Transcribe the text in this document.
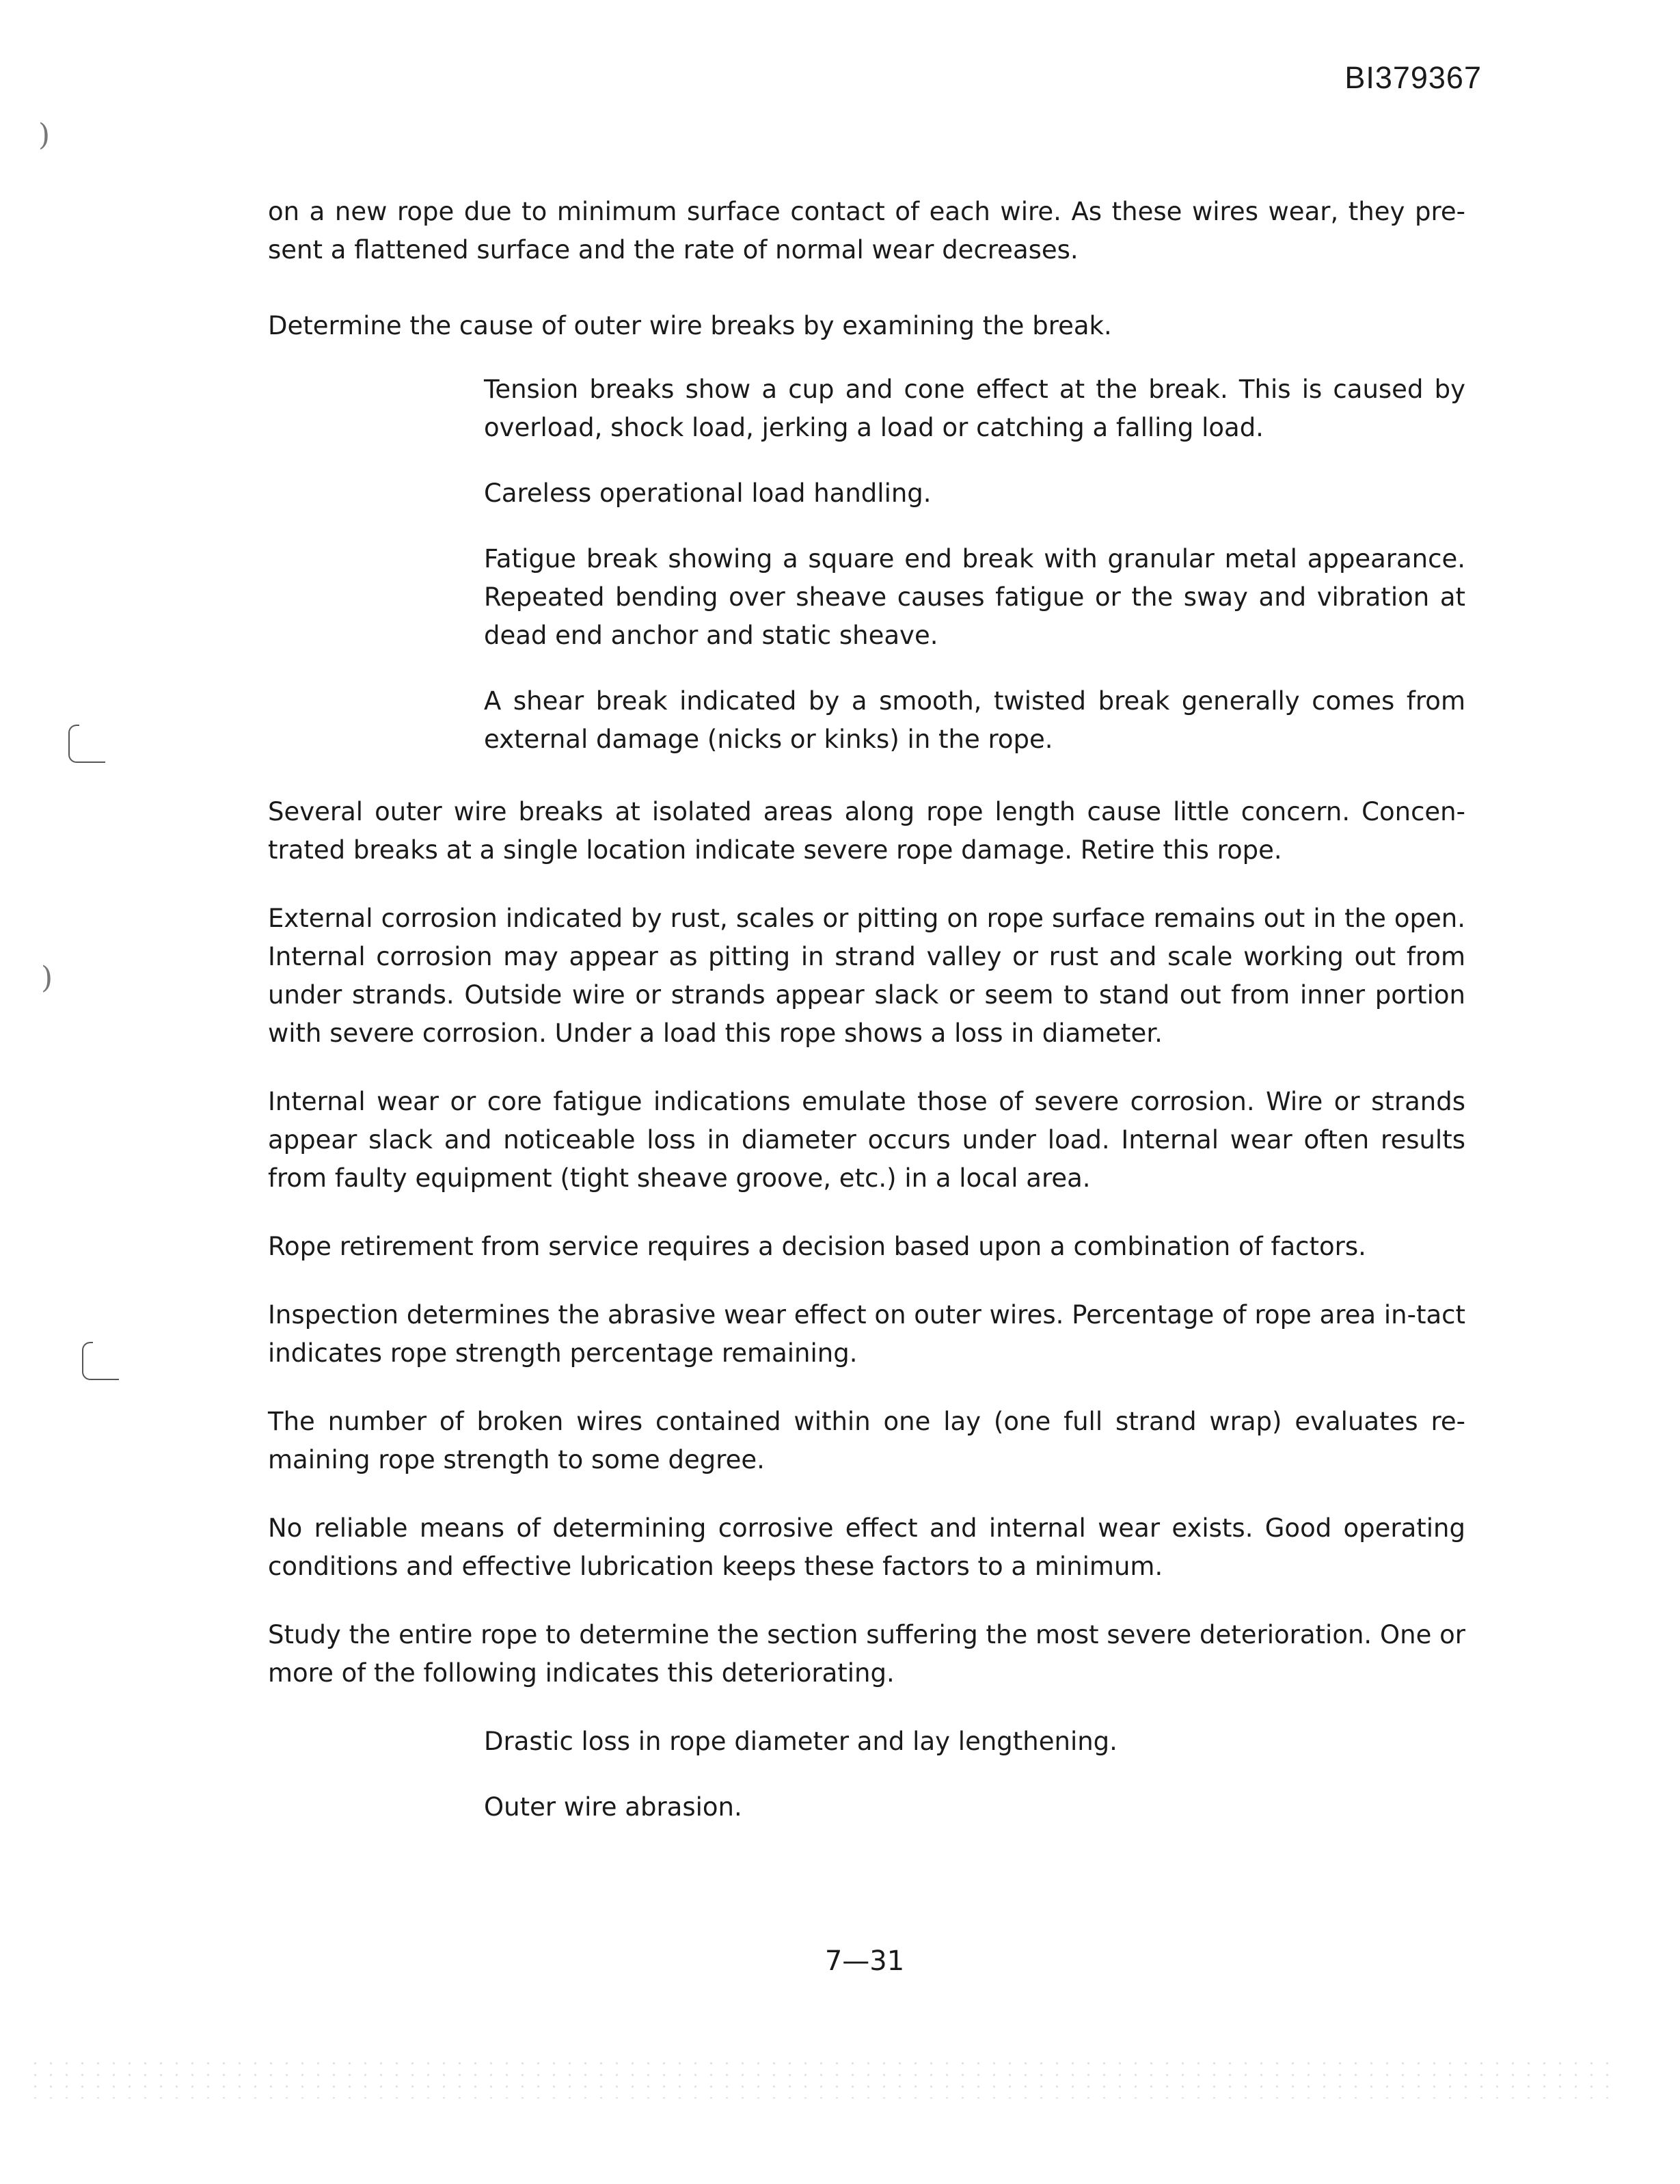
BI379367
)
)

on a new rope due to minimum surface contact of each wire. As these wires wear, they pre-sent a flattened surface and the rate of normal wear decreases.

Determine the cause of outer wire breaks by examining the break.

Tension breaks show a cup and cone effect at the break. This is caused by overload, shock load, jerking a load or catching a falling load.

Careless operational load handling.

Fatigue break showing a square end break with granular metal appearance. Repeated bending over sheave causes fatigue or the sway and vibration at dead end anchor and static sheave.

A shear break indicated by a smooth, twisted break generally comes from external damage (nicks or kinks) in the rope.

Several outer wire breaks at isolated areas along rope length cause little concern. Concen-trated breaks at a single location indicate severe rope damage. Retire this rope.

External corrosion indicated by rust, scales or pitting on rope surface remains out in the open. Internal corrosion may appear as pitting in strand valley or rust and scale working out from under strands. Outside wire or strands appear slack or seem to stand out from inner portion with severe corrosion. Under a load this rope shows a loss in diameter.

Internal wear or core fatigue indications emulate those of severe corrosion. Wire or strands appear slack and noticeable loss in diameter occurs under load. Internal wear often results from faulty equipment (tight sheave groove, etc.) in a local area.

Rope retirement from service requires a decision based upon a combination of factors.

Inspection determines the abrasive wear effect on outer wires. Percentage of rope area in-tact indicates rope strength percentage remaining.

The number of broken wires contained within one lay (one full strand wrap) evaluates re-maining rope strength to some degree.

No reliable means of determining corrosive effect and internal wear exists. Good operating conditions and effective lubrication keeps these factors to a minimum.

Study the entire rope to determine the section suffering the most severe deterioration. One or more of the following indicates this deteriorating.

Drastic loss in rope diameter and lay lengthening.

Outer wire abrasion.

7—31
